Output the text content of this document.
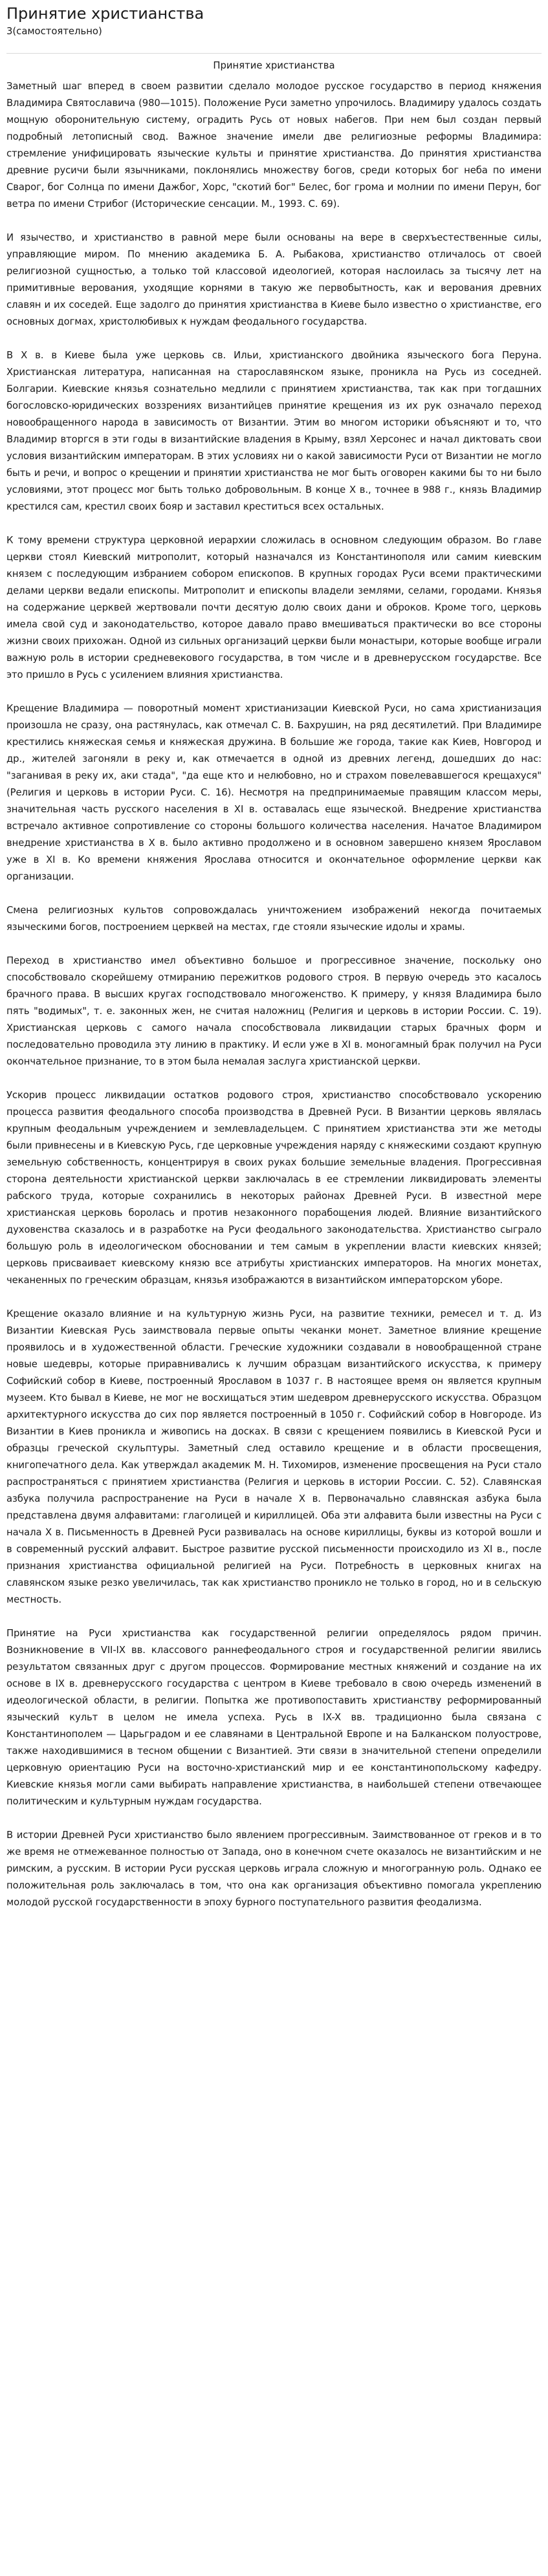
Принятие христианства
3(самостоятельно)
Принятие христианства

Заметный шаг вперед в своем развитии сделало молодое русское государство в период княжения Владимира Святославича (980—1015). Положение Руси заметно упрочилось. Владимиру удалось создать мощную оборонительную систему, оградить Русь от новых набегов. При нем был создан первый подробный летописный свод. Важное значение имели две религиозные реформы Владимира: стремление унифицировать языческие культы и принятие христианства. До принятия христианства древние русичи были язычниками, поклонялись множеству богов, среди которых бог неба по имени Сварог, бог Солнца по имени Дажбог, Хорс, "скотий бог" Белес, бог грома и молнии по имени Перун, бог ветра по имени Стрибог (Исторические сенсации. М., 1993. С. 69).

И язычество, и христианство в равной мере были основаны на вере в сверхъестественные силы, управляющие миром. По мнению академика Б. А. Рыбакова, христианство отличалось от своей религиозной сущностью, а только той классовой идеологией, которая наслоилась за тысячу лет на примитивные верования, уходящие корнями в такую же первобытность, как и верования древних славян и их соседей. Еще задолго до принятия христианства в Киеве было известно о христианстве, его основных догмах, христолюбивых к нуждам феодального государства.

В X в. в Киеве была уже церковь св. Ильи, христианского двойника языческого бога Перуна. Христианская литература, написанная на старославянском языке, проникла на Русь из соседней. Болгарии. Киевские князья сознательно медлили с принятием христианства, так как при тогдашних богословско-юридических воззрениях византийцев принятие крещения из их рук означало переход новообращенного народа в зависимость от Византии. Этим во многом историки объясняют и то, что Владимир вторгся в эти годы в византийские владения в Крыму, взял Херсонес и начал диктовать свои условия византийским императорам. В этих условиях ни о какой зависимости Руси от Византии не могло быть и речи, и вопрос о крещении и принятии христианства не мог быть оговорен какими бы то ни было условиями, этот процесс мог быть только добровольным. В конце X в., точнее в 988 г., князь Владимир крестился сам, крестил своих бояр и заставил креститься всех остальных.

К тому времени структура церковной иерархии сложилась в основном следующим образом. Во главе церкви стоял Киевский митрополит, который назначался из Константинополя или самим киевским князем с последующим избранием собором епископов. В крупных городах Руси всеми практическими делами церкви ведали епископы. Митрополит и епископы владели землями, селами, городами. Князья на содержание церквей жертвовали почти десятую долю своих дани и оброков. Кроме того, церковь имела свой суд и законодательство, которое давало право вмешиваться практически во все стороны жизни своих прихожан. Одной из сильных организаций церкви были монастыри, которые вообще играли важную роль в истории средневекового государства, в том числе и в древнерусском государстве. Все это пришло в Русь с усилением влияния христианства.

Крещение Владимира — поворотный момент христианизации Киевской Руси, но сама христианизация произошла не сразу, она растянулась, как отмечал С. В. Бахрушин, на ряд десятилетий. При Владимире крестились княжеская семья и княжеская дружина. В большие же города, такие как Киев, Новгород и др., жителей загоняли в реку и, как отмечается в одной из древних легенд, дошедших до нас: "заганивая в реку их, аки стада", "да еще кто и нелюбовно, но и страхом повелевавшегося крещахуся" (Религия и церковь в истории Руси. С. 16). Несмотря на предпринимаемые правящим классом меры, значительная часть русского населения в XI в. оставалась еще языческой. Внедрение христианства встречало активное сопротивление со стороны большого количества населения. Начатое Владимиром внедрение христианства в X в. было активно продолжено и в основном завершено князем Ярославом уже в XI в. Ко времени княжения Ярослава относится и окончательное оформление церкви как организации.

Смена религиозных культов сопровождалась уничтожением изображений некогда почитаемых языческими богов, построением церквей на местах, где стояли языческие идолы и храмы.

Переход в христианство имел объективно большое и прогрессивное значение, поскольку оно способствовало скорейшему отмиранию пережитков родового строя. В первую очередь это касалось брачного права. В высших кругах господствовало многоженство. К примеру, у князя Владимира было пять "водимых", т. е. законных жен, не считая наложниц (Религия и церковь в истории России. С. 19). Христианская церковь с самого начала способствовала ликвидации старых брачных форм и последовательно проводила эту линию в практику. И если уже в XI в. моногамный брак получил на Руси окончательное признание, то в этом была немалая заслуга христианской церкви.

Ускорив процесс ликвидации остатков родового строя, христианство способствовало ускорению процесса развития феодального способа производства в Древней Руси. В Византии церковь являлась крупным феодальным учреждением и землевладельцем. С принятием христианства эти же методы были привнесены и в Киевскую Русь, где церковные учреждения наряду с княжескими создают крупную земельную собственность, концентрируя в своих руках большие земельные владения. Прогрессивная сторона деятельности христианской церкви заключалась в ее стремлении ликвидировать элементы рабского труда, которые сохранились в некоторых районах Древней Руси. В известной мере христианская церковь боролась и против незаконного порабощения людей. Влияние византийского духовенства сказалось и в разработке на Руси феодального законодательства. Христианство сыграло большую роль в идеологическом обосновании и тем самым в укреплении власти киевских князей; церковь присваивает киевскому князю все атрибуты христианских императоров. На многих монетах, чеканенных по греческим образцам, князья изображаются в византийском императорском уборе.

Крещение оказало влияние и на культурную жизнь Руси, на развитие техники, ремесел и т. д. Из Византии Киевская Русь заимствовала первые опыты чеканки монет. Заметное влияние крещение проявилось и в художественной области. Греческие художники создавали в новообращенной стране новые шедевры, которые приравнивались к лучшим образцам византийского искусства, к примеру Софийский собор в Киеве, построенный Ярославом в 1037 г. В настоящее время он является крупным музеем. Кто бывал в Киеве, не мог не восхищаться этим шедевром древнерусского искусства. Образцом архитектурного искусства до сих пор является построенный в 1050 г. Софийский собор в Новгороде. Из Византии в Киев проникла и живопись на досках. В связи с крещением появились в Киевской Руси и образцы греческой скульптуры. Заметный след оставило крещение и в области просвещения, книгопечатного дела. Как утверждал академик М. Н. Тихомиров, изменение просвещения на Руси стало распространяться с принятием христианства (Религия и церковь в истории России. С. 52). Славянская азбука получила распространение на Руси в начале X в. Первоначально славянская азбука была представлена двумя алфавитами: глаголицей и кириллицей. Оба эти алфавита были известны на Руси с начала X в. Письменность в Древней Руси развивалась на основе кириллицы, буквы из которой вошли и в современный русский алфавит. Быстрое развитие русской письменности происходило из XI в., после признания христианства официальной религией на Руси. Потребность в церковных книгах на славянском языке резко увеличилась, так как христианство проникло не только в город, но и в сельскую местность.

Принятие на Руси христианства как государственной религии определялось рядом причин. Возникновение в VII-IX вв. классового раннефеодального строя и государственной религии явились результатом связанных друг с другом процессов. Формирование местных княжений и создание на их основе в IX в. древнерусского государства с центром в Киеве требовало в свою очередь изменений в идеологической области, в религии. Попытка же противопоставить христианству реформированный языческий культ в целом не имела успеха. Русь в IX-X вв. традиционно была связана с Константинополем — Царьградом и ее славянами в Центральной Европе и на Балканском полуострове, также находившимися в тесном общении с Византией. Эти связи в значительной степени определили церковную ориентацию Руси на восточно-христианский мир и ее константинопольскому кафедру. Киевские князья могли сами выбирать направление христианства, в наибольшей степени отвечающее политическим и культурным нуждам государства.

В истории Древней Руси христианство было явлением прогрессивным. Заимствованное от греков и в то же время не отмежеванное полностью от Запада, оно в конечном счете оказалось не византийским и не римским, а русским. В истории Руси русская церковь играла сложную и многогранную роль. Однако ее положительная роль заключалась в том, что она как организация объективно помогала укреплению молодой русской государственности в эпоху бурного поступательного развития феодализма.
